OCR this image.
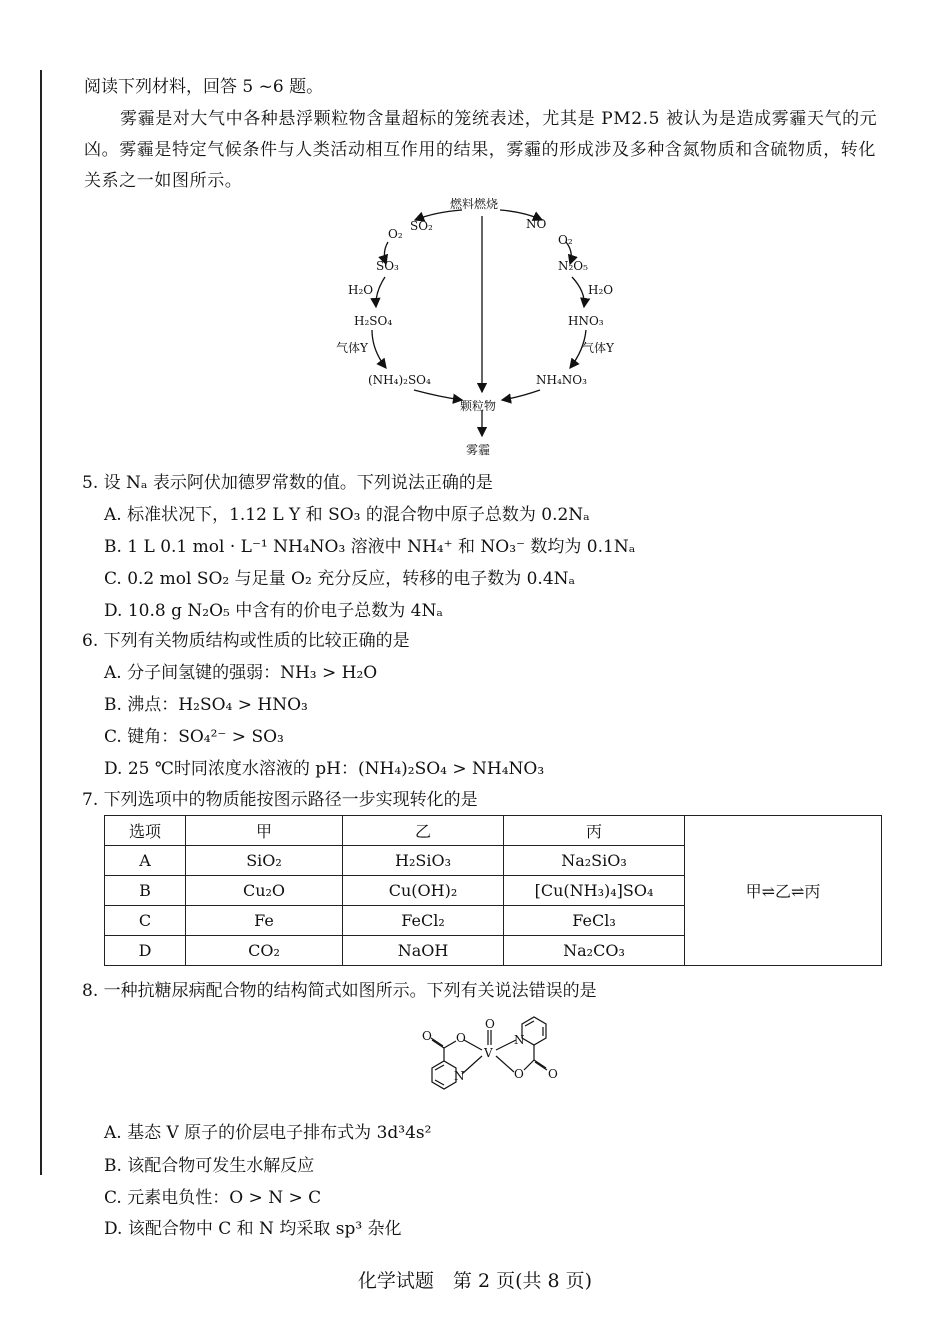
阅读下列材料，回答 5 ~6 题。
雾霾是对大气中各种悬浮颗粒物含量超标的笼统表述，尤其是 PM2.5 被认为是造成雾霾天气的元凶。雾霾是特定气候条件与人类活动相互作用的结果，雾霾的形成涉及多种含氮物质和含硫物质，转化关系之一如图所示。
燃料燃烧
SO₂
O₂
SO₃
H₂O
H₂SO₄
气体Y
(NH₄)₂SO₄
NO
O₂
N₂O₅
H₂O
HNO₃
气体Y
NH₄NO₃
颗粒物
雾霾
5. 设 Nₐ 表示阿伏加德罗常数的值。下列说法正确的是
A. 标准状况下，1.12 L Y 和 SO₃ 的混合物中原子总数为 0.2Nₐ
B. 1 L 0.1 mol · L⁻¹ NH₄NO₃ 溶液中 NH₄⁺ 和 NO₃⁻ 数均为 0.1Nₐ
C. 0.2 mol SO₂ 与足量 O₂ 充分反应，转移的电子数为 0.4Nₐ
D. 10.8 g N₂O₅ 中含有的价电子总数为 4Nₐ
6. 下列有关物质结构或性质的比较正确的是
A. 分子间氢键的强弱：NH₃ > H₂O
B. 沸点：H₂SO₄ > HNO₃
C. 键角：SO₄²⁻ > SO₃
D. 25 ℃时同浓度水溶液的 pH：(NH₄)₂SO₄ > NH₄NO₃
7. 下列选项中的物质能按图示路径一步实现转化的是
选项	甲	乙	丙	甲⇌乙⇌丙
A	SiO₂	H₂SiO₃	Na₂SiO₃	
B	Cu₂O	Cu(OH)₂	[Cu(NH₃)₄]SO₄	
C	Fe	FeCl₂	FeCl₃	
D	CO₂	NaOH	Na₂CO₃	
8. 一种抗糖尿病配合物的结构简式如图所示。下列有关说法错误的是
O O
O
V
N
N
O O
A. 基态 V 原子的价层电子排布式为 3d³4s²
B. 该配合物可发生水解反应
C. 元素电负性：O > N > C
D. 该配合物中 C 和 N 均采取 sp³ 杂化
化学试题　第 2 页(共 8 页)
